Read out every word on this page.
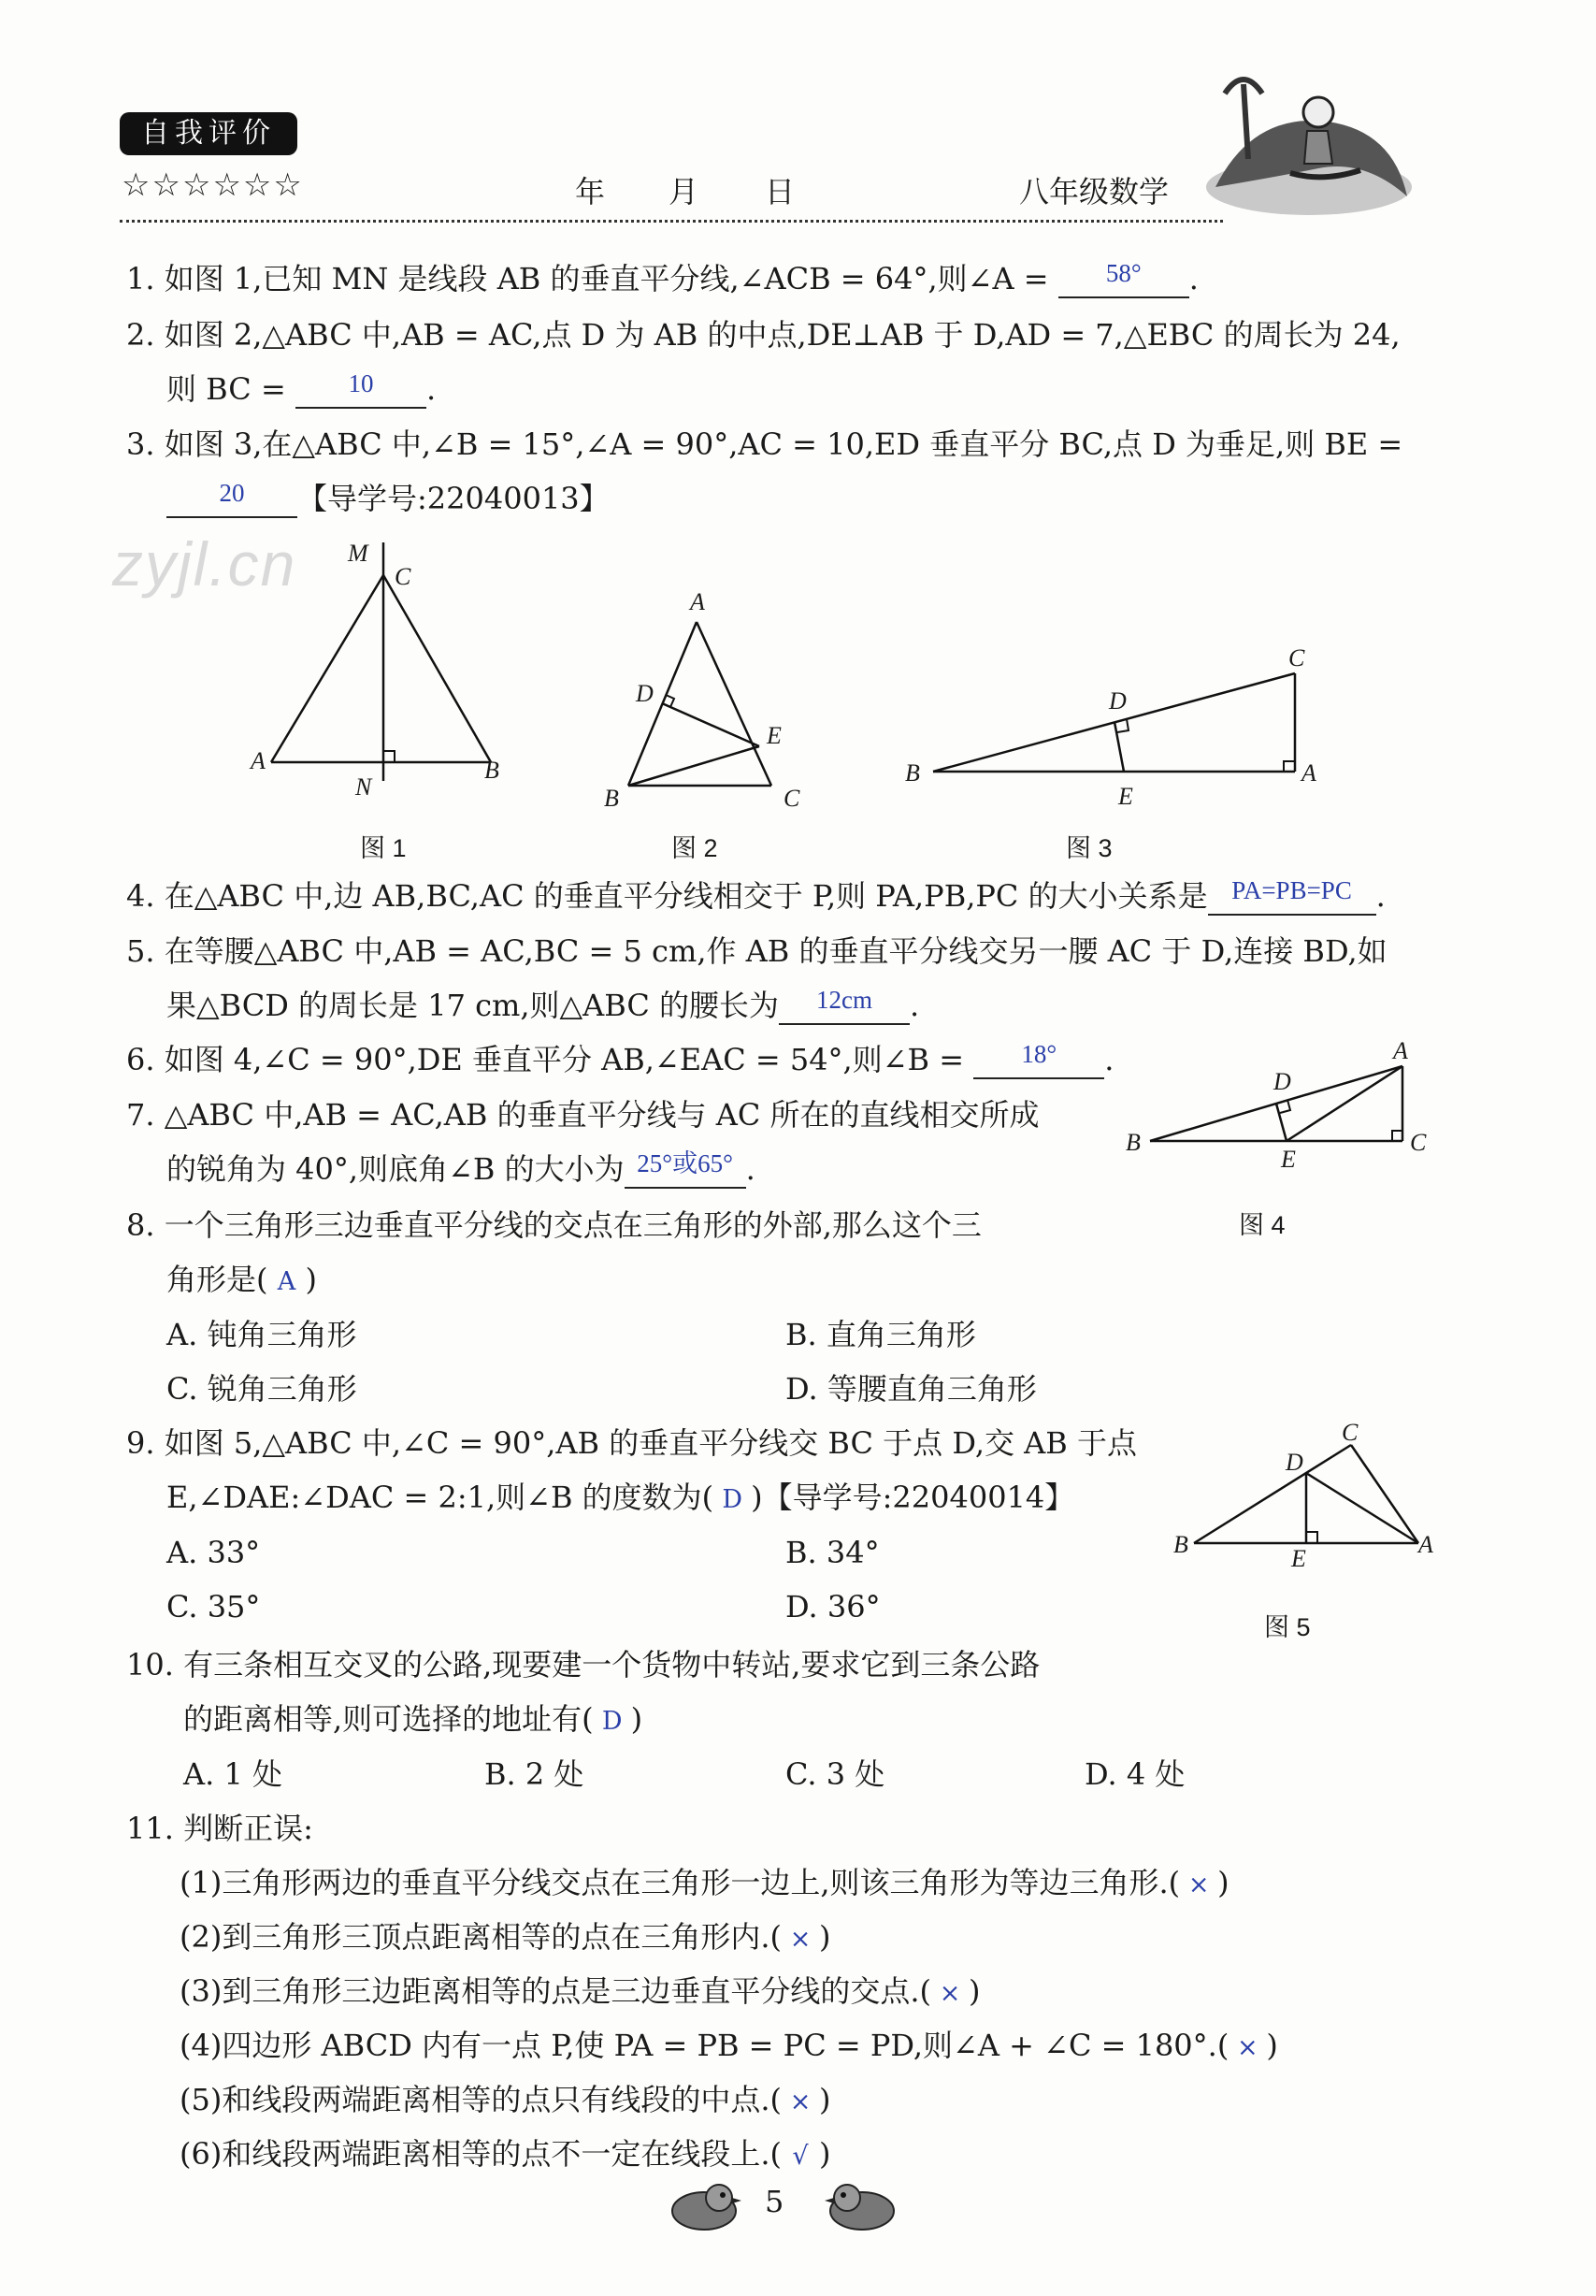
自我评价
☆☆☆☆☆☆	年 月 日	八年级数学
zyjl.cn
1. 如图 1,已知 MN 是线段 AB 的垂直平分线,∠ACB = 64°,则∠A = $^{58^\circ}$ .
2. 如图 2,△ABC 中,AB = AC,点 D 为 AB 的中点,DE⊥AB 于 D,AD = 7,△EBC 的周长为 24,
则 BC = $^{10}$ .
3. 如图 3,在△ABC 中,∠B = 15°,∠A = 90°,AC = 10,ED 垂直平分 BC,点 D 为垂足,则 BE =
$^{20}$ 【导学号:22040013】
M
C
A
N
B
图 1
A
D
E
B	C
图 2
C
D
B	A
E
图 3
4. 在△ABC 中,边 AB,BC,AC 的垂直平分线相交于 P,则 PA,PB,PC 的大小关系是 $^{PA=PB=PC}$ .
5. 在等腰△ABC 中,AB = AC,BC = 5 cm,作 AB 的垂直平分线交另一腰 AC 于 D,连接 BD,如
果△BCD 的周长是 17 cm,则△ABC 的腰长为 $^{12cm}$ .
6. 如图 4,∠C = 90°,DE 垂直平分 AB,∠EAC = 54°,则∠B = $^{18^\circ}$ .
D
A
B
E
C
图 4
7. △ABC 中,AB = AC,AB 的垂直平分线与 AC 所在的直线相交所成
的锐角为 40°,则底角∠B 的大小为 $^{25^\circ 或65^\circ}$ .
8. 一个三角形三边垂直平分线的交点在三角形的外部,那么这个三
角形是( A )
A. 钝角三角形	B. 直角三角形
C. 锐角三角形	D. 等腰直角三角形
9. 如图 5,△ABC 中,∠C = 90°,AB 的垂直平分线交 BC 于点 D,交 AB 于点
E,∠DAE:∠DAC = 2:1,则∠B 的度数为( D )【导学号:22040014】
A. 33°	B. 34°
C. 35°	D. 36°
D
C
B
E
A
图 5
10. 有三条相互交叉的公路,现要建一个货物中转站,要求它到三条公路
的距离相等,则可选择的地址有( D )
A. 1 处	B. 2 处	C. 3 处	D. 4 处
11. 判断正误:
(1)三角形两边的垂直平分线交点在三角形一边上,则该三角形为等边三角形.( × )
(2)到三角形三顶点距离相等的点在三角形内.( × )
(3)到三角形三边距离相等的点是三边垂直平分线的交点.( × )
(4)四边形 ABCD 内有一点 P,使 PA = PB = PC = PD,则∠A + ∠C = 180°.( × )
(5)和线段两端距离相等的点只有线段的中点.( × )
(6)和线段两端距离相等的点不一定在线段上.( √ )
5
